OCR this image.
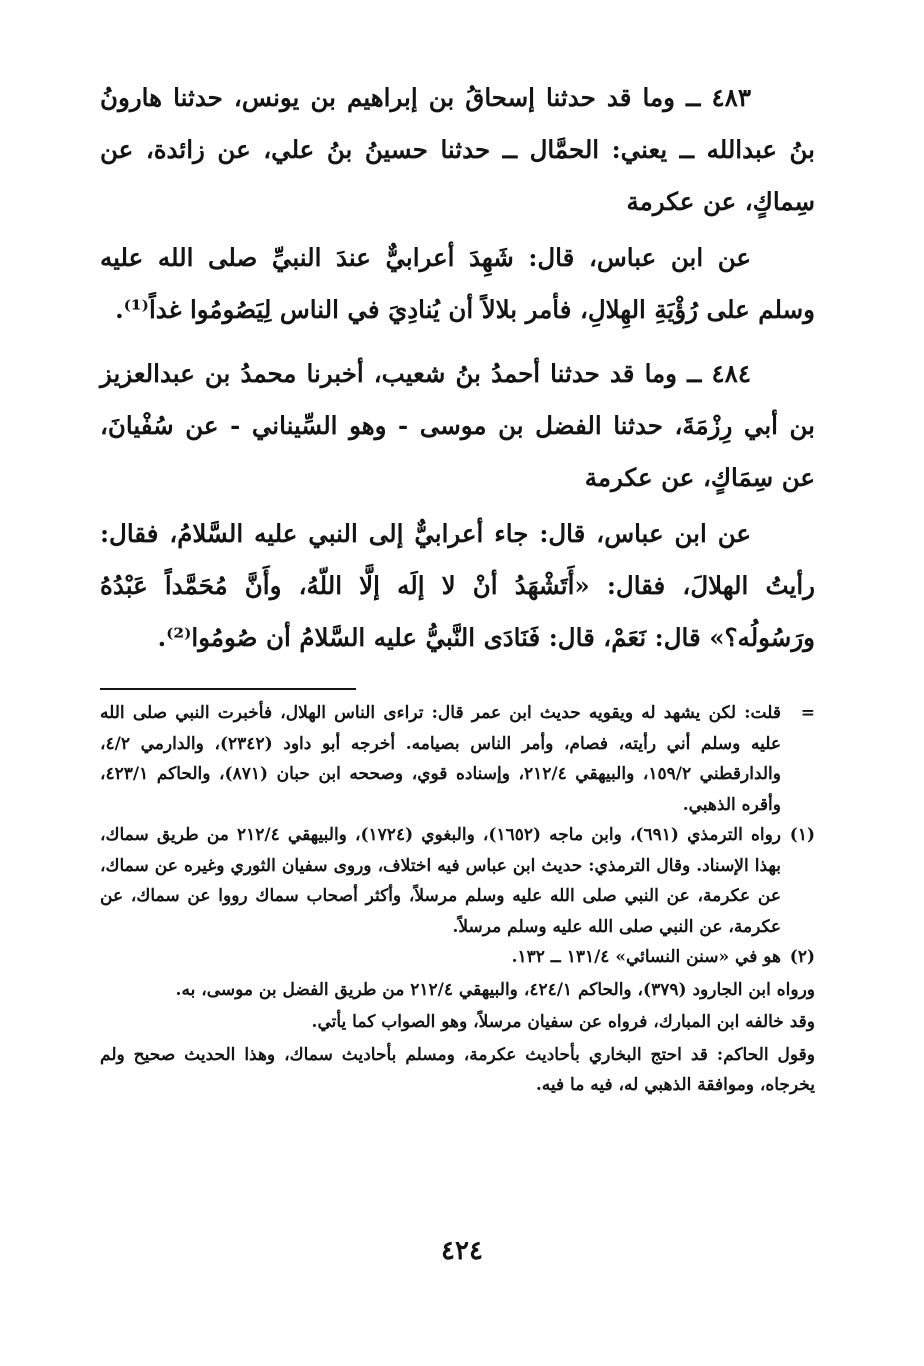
٤٨٣ ــ وما قد حدثنا إسحاقُ بن إبراهيم بن يونس، حدثنا هارونُ بنُ عبدالله ــ يعني: الحمَّال ــ حدثنا حسينُ بنُ علي، عن زائدة، عن سِماكٍ، عن عكرمة

عن ابن عباس، قال: شَهِدَ أعرابيٌّ عندَ النبيِّ صلى الله عليه وسلم على رُؤْيَةِ الهِلالِ، فأمر بلالاً أن يُنادِيَ في الناس لِيَصُومُوا غداً⁽¹⁾.

٤٨٤ ــ وما قد حدثنا أحمدُ بنُ شعيب، أخبرنا محمدُ بن عبدالعزيز بن أبي رِزْمَةَ، حدثنا الفضل بن موسى - وهو السِّيناني - عن سُفْيانَ، عن سِمَاكٍ، عن عكرمة

عن ابن عباس، قال: جاء أعرابيٌّ إلى النبي عليه السَّلامُ، فقال: رأيتُ الهلالَ، فقال: «أَتَشْهَدُ أنْ لا إلَه إلَّا اللّهُ، وأَنَّ مُحَمَّداً عَبْدُهُ ورَسُولُه؟» قال: نَعَمْ، قال: فَنَادَى النَّبيُّ عليه السَّلامُ أن صُومُوا⁽²⁾.

=

قلت: لكن يشهد له ويقويه حديث ابن عمر قال: تراءى الناس الهلال، فأخبرت النبي صلى الله عليه وسلم أني رأيته، فصام، وأمر الناس بصيامه. أخرجه أبو داود (٢٣٤٢)، والدارمي ٤/٢، والدارقطني ١٥٩/٢، والبيهقي ٢١٢/٤، وإسناده قوي، وصححه ابن حبان (٨٧١)، والحاكم ٤٢٣/١، وأقره الذهبي.

(١)

رواه الترمذي (٦٩١)، وابن ماجه (١٦٥٢)، والبغوي (١٧٢٤)، والبيهقي ٢١٢/٤ من طريق سماك، بهذا الإسناد. وقال الترمذي: حديث ابن عباس فيه اختلاف، وروى سفيان الثوري وغيره عن سماك، عن عكرمة، عن النبي صلى الله عليه وسلم مرسلاً، وأكثر أصحاب سماك رووا عن سماك، عن عكرمة، عن النبي صلى الله عليه وسلم مرسلاً.

(٢)

هو في «سنن النسائي» ١٣١/٤ ــ ١٣٢.

ورواه ابن الجارود (٣٧٩)، والحاكم ٤٢٤/١، والبيهقي ٢١٢/٤ من طريق الفضل بن موسى، به.

وقد خالفه ابن المبارك، فرواه عن سفيان مرسلاً، وهو الصواب كما يأتي.

وقول الحاكم: قد احتج البخاري بأحاديث عكرمة، ومسلم بأحاديث سماك، وهذا الحديث صحيح ولم يخرجاه، وموافقة الذهبي له، فيه ما فيه.

٤٢٤
